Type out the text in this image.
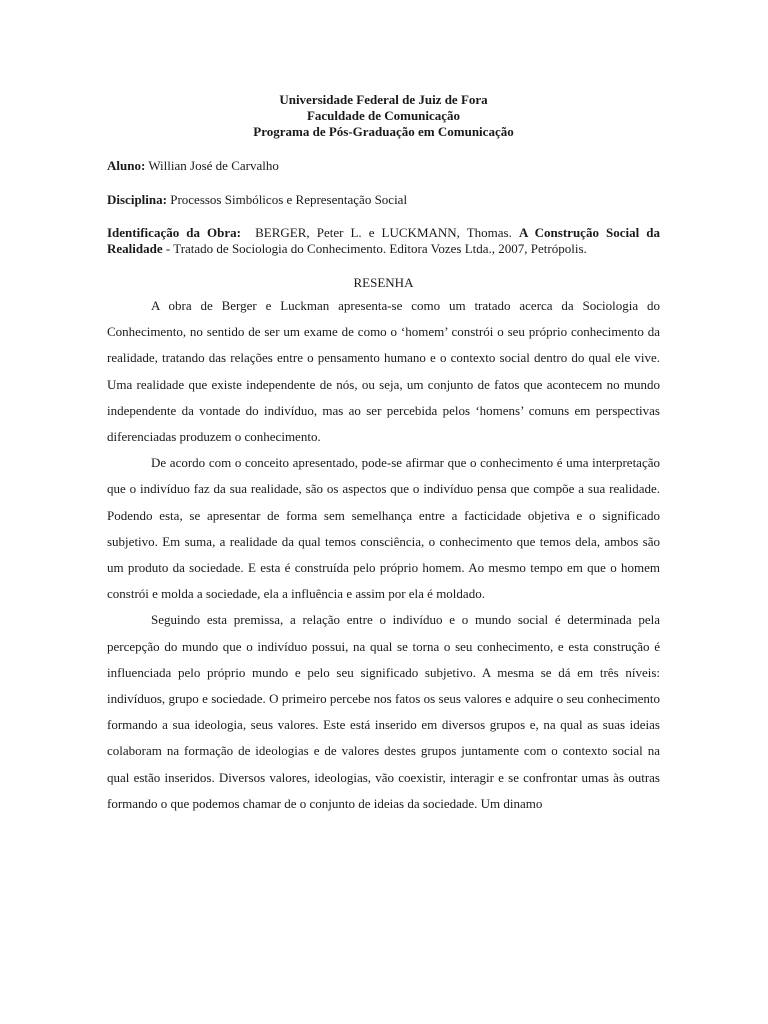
Universidade Federal de Juiz de Fora
Faculdade de Comunicação
Programa de Pós-Graduação em Comunicação
Aluno: Willian José de Carvalho
Disciplina: Processos Simbólicos e Representação Social
Identificação da Obra: BERGER, Peter L. e LUCKMANN, Thomas. A Construção Social da Realidade - Tratado de Sociologia do Conhecimento. Editora Vozes Ltda., 2007, Petrópolis.
RESENHA

A obra de Berger e Luckman apresenta-se como um tratado acerca da Sociologia do Conhecimento, no sentido de ser um exame de como o ‘homem’ constrói o seu próprio conhecimento da realidade, tratando das relações entre o pensamento humano e o contexto social dentro do qual ele vive. Uma realidade que existe independente de nós, ou seja, um conjunto de fatos que acontecem no mundo independente da vontade do indivíduo, mas ao ser percebida pelos ‘homens’ comuns em perspectivas diferenciadas produzem o conhecimento.

De acordo com o conceito apresentado, pode-se afirmar que o conhecimento é uma interpretação que o indivíduo faz da sua realidade, são os aspectos que o indivíduo pensa que compõe a sua realidade. Podendo esta, se apresentar de forma sem semelhança entre a facticidade objetiva e o significado subjetivo. Em suma, a realidade da qual temos consciência, o conhecimento que temos dela, ambos são um produto da sociedade. E esta é construída pelo próprio homem. Ao mesmo tempo em que o homem constrói e molda a sociedade, ela a influência e assim por ela é moldado.

Seguindo esta premissa, a relação entre o indivíduo e o mundo social é determinada pela percepção do mundo que o indivíduo possui, na qual se torna o seu conhecimento, e esta construção é influenciada pelo próprio mundo e pelo seu significado subjetivo. A mesma se dá em três níveis: indivíduos, grupo e sociedade. O primeiro percebe nos fatos os seus valores e adquire o seu conhecimento formando a sua ideologia, seus valores. Este está inserido em diversos grupos e, na qual as suas ideias colaboram na formação de ideologias e de valores destes grupos juntamente com o contexto social na qual estão inseridos. Diversos valores, ideologias, vão coexistir, interagir e se confrontar umas às outras formando o que podemos chamar de o conjunto de ideias da sociedade. Um dinamo
